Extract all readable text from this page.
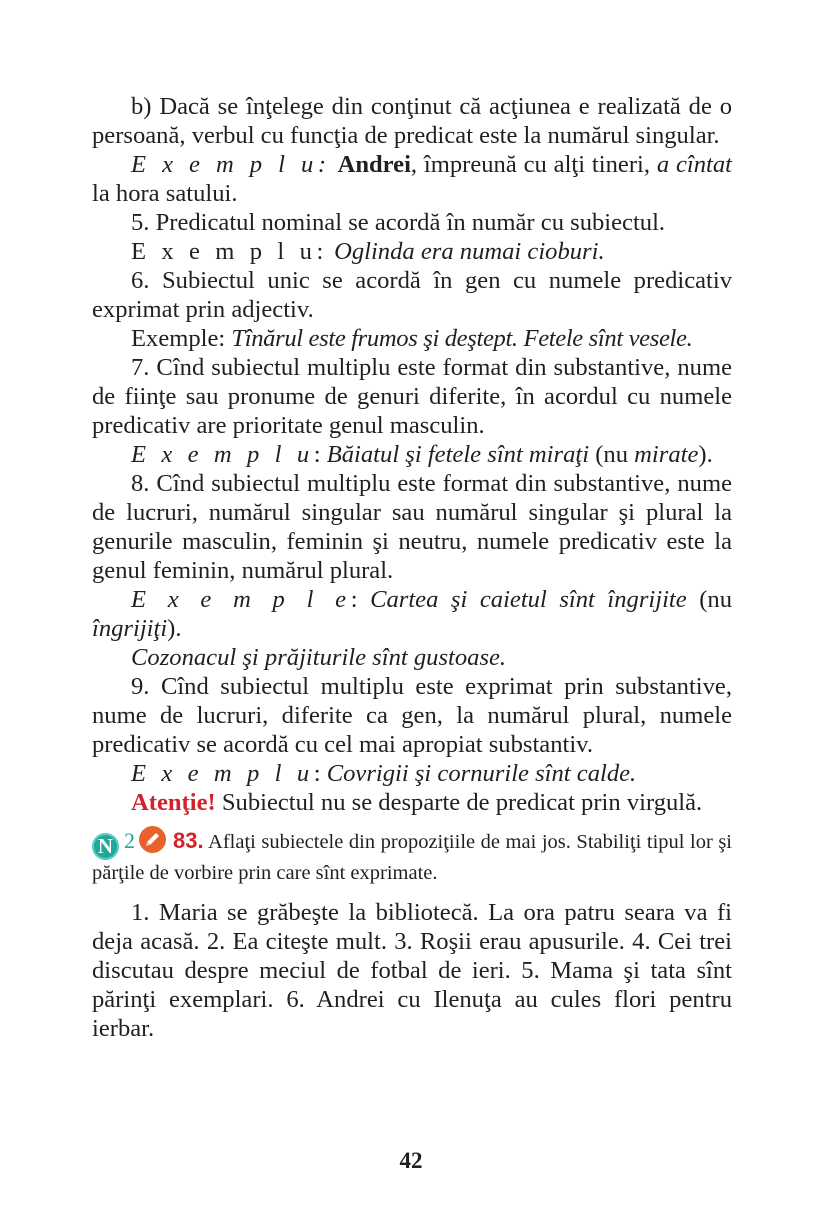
b) Dacă se înţelege din conţinut că acţiunea e realizată de o persoană, verbul cu funcţia de predicat este la numărul singular.

E x e m p l u: Andrei, împreună cu alţi tineri, a cîntat la hora satului.

5. Predicatul nominal se acordă în număr cu subiectul.

E x e m p l u: Oglinda era numai cioburi.

6. Subiectul unic se acordă în gen cu numele predicativ exprimat prin adjectiv.

Exemple: Tînărul este frumos şi deştept. Fetele sînt vesele.

7. Cînd subiectul multiplu este format din substantive, nume de fiinţe sau pronume de genuri diferite, în acordul cu numele predicativ are prioritate genul masculin.

E x e m p l u: Băiatul şi fetele sînt miraţi (nu mirate).

8. Cînd subiectul multiplu este format din substantive, nume de lucruri, numărul singular sau numărul singular şi plural la genurile masculin, feminin şi neutru, numele predicativ este la genul feminin, numărul plural.

E x e m p l e: Cartea şi caietul sînt îngrijite (nu îngrijiţi).

Cozonacul şi prăjiturile sînt gustoase.

9. Cînd subiectul multiplu este exprimat prin substantive, nume de lucruri, diferite ca gen, la numărul plural, numele predicativ se acordă cu cel mai apropiat substantiv.

E x e m p l u: Covrigii şi cornurile sînt calde.

Atenţie! Subiectul nu se desparte de predicat prin virgulă.

N 2 83. Aflaţi subiectele din propoziţiile de mai jos. Stabiliţi tipul lor şi părţile de vorbire prin care sînt exprimate.

1. Maria se grăbeşte la bibliotecă. La ora patru seara va fi deja acasă. 2. Ea citeşte mult. 3. Roşii erau apusurile. 4. Cei trei discutau despre meciul de fotbal de ieri. 5. Mama şi tata sînt părinţi exemplari. 6. Andrei cu Ilenuţa au cules flori pentru ierbar.

42
